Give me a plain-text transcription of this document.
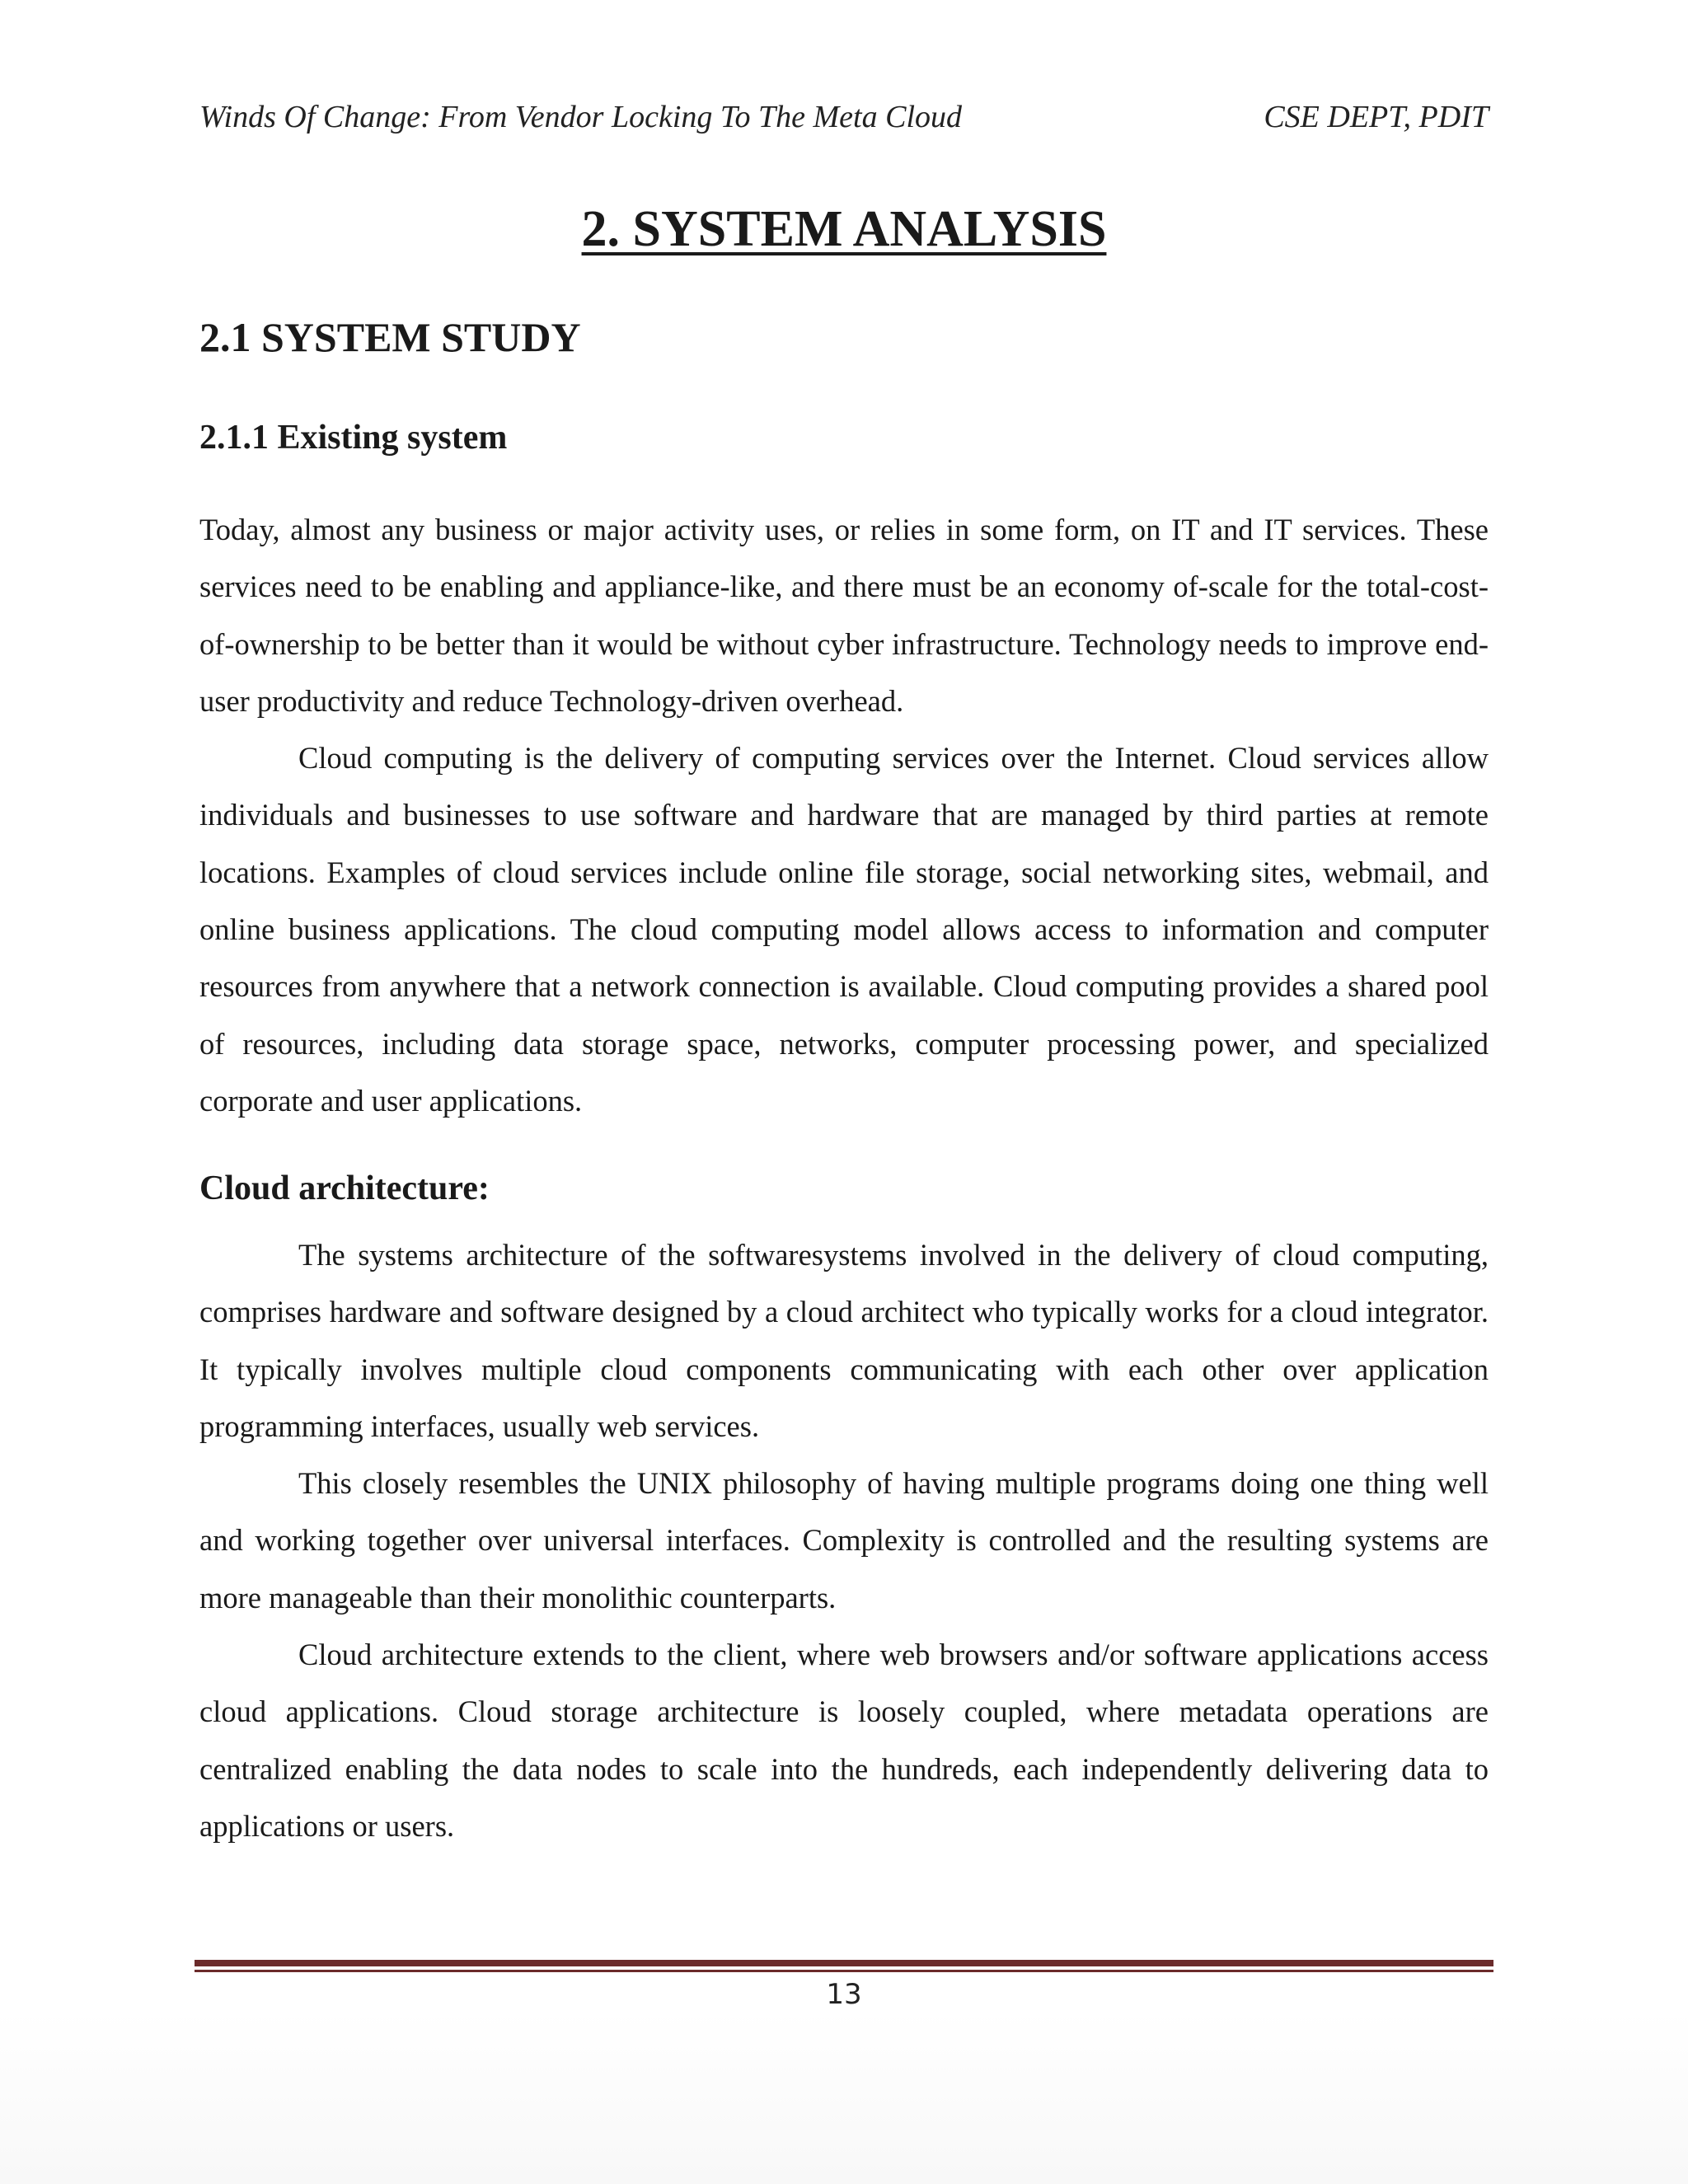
Winds Of Change: From Vendor Locking To The Meta Cloud	CSE DEPT, PDIT
2. SYSTEM ANALYSIS
2.1 SYSTEM STUDY
2.1.1 Existing system

Today, almost any business or major activity uses, or relies in some form, on IT and IT services. These services need to be enabling and appliance-like, and there must be an economy of-scale for the total-cost-of-ownership to be better than it would be without cyber infrastructure. Technology needs to improve end-user productivity and reduce Technology-driven overhead.

Cloud computing is the delivery of computing services over the Internet. Cloud services allow individuals and businesses to use software and hardware that are managed by third parties at remote locations. Examples of cloud services include online file storage, social networking sites, webmail, and online business applications. The cloud computing model allows access to information and computer resources from anywhere that a network connection is available. Cloud computing provides a shared pool of resources, including data storage space, networks, computer processing power, and specialized corporate and user applications.

Cloud architecture:

The systems architecture of the softwaresystems involved in the delivery of cloud computing, comprises hardware and software designed by a cloud architect who typically works for a cloud integrator. It typically involves multiple cloud components communicating with each other over application programming interfaces, usually web services.

This closely resembles the UNIX philosophy of having multiple programs doing one thing well and working together over universal interfaces. Complexity is controlled and the resulting systems are more manageable than their monolithic counterparts.

Cloud architecture extends to the client, where web browsers and/or software applications access cloud applications. Cloud storage architecture is loosely coupled, where metadata operations are centralized enabling the data nodes to scale into the hundreds, each independently delivering data to applications or users.

13
